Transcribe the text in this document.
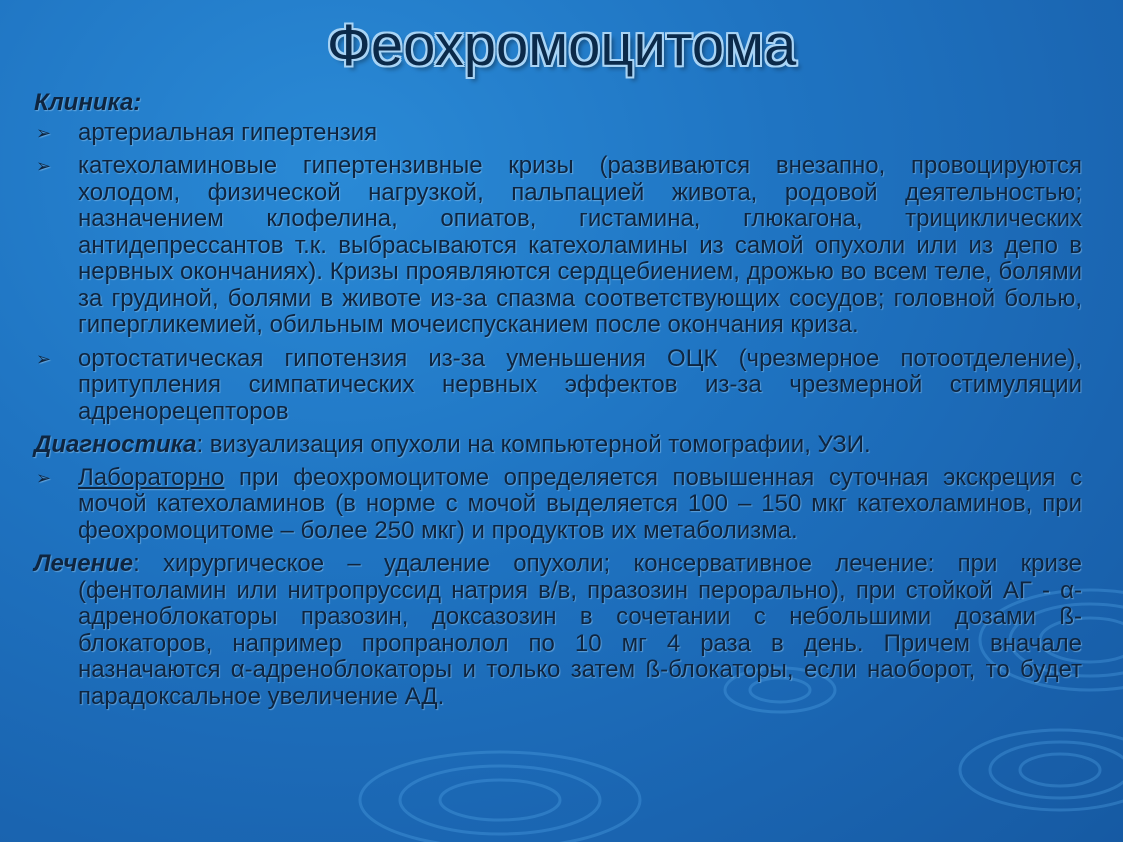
Феохромоцитома
Клиника:
➢ артериальная гипертензия
➢ катехоламиновые гипертензивные кризы (развиваются внезапно, провоцируются холодом, физической нагрузкой, пальпацией живота, родовой деятельностью; назначением клофелина, опиатов, гистамина, глюкагона, трициклических антидепрессантов т.к. выбрасываются катехоламины из самой опухоли или из депо в нервных окончаниях). Кризы проявляются сердцебиением, дрожью во всем теле, болями за грудиной, болями в животе из-за спазма соответствующих сосудов; головной болью, гипергликемией, обильным мочеиспусканием после окончания криза.
➢ ортостатическая гипотензия из-за уменьшения ОЦК (чрезмерное потоотделение), притупления симпатических нервных эффектов из-за чрезмерной стимуляции адренорецепторов
Диагностика: визуализация опухоли на компьютерной томографии, УЗИ.
➢ Лабораторно при феохромоцитоме определяется повышенная суточная экскреция с мочой катехоламинов (в норме с мочой выделяется 100 – 150 мкг катехоламинов, при феохромоцитоме – более 250 мкг) и продуктов их метаболизма.
Лечение: хирургическое – удаление опухоли; консервативное лечение: при кризе (фентоламин или нитропруссид натрия в/в, празозин перорально), при стойкой АГ - α-адреноблокаторы празозин, доксазозин в сочетании с небольшими дозами ß-блокаторов, например пропранолол по 10 мг 4 раза в день. Причем вначале назначаются α-адреноблокаторы и только затем ß-блокаторы, если наоборот, то будет парадоксальное увеличение АД.
